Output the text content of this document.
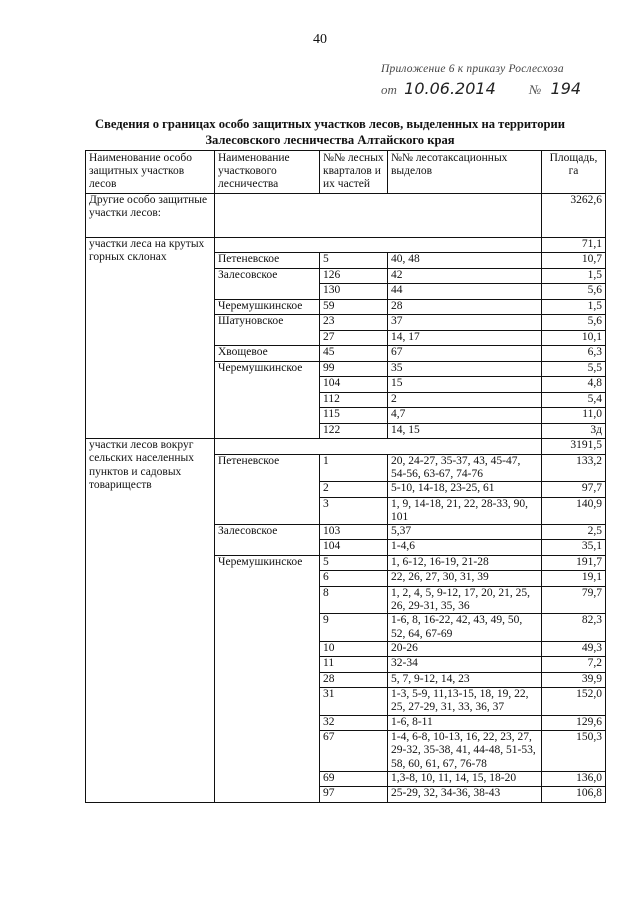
40
Приложение 6 к приказу Рослесхоза
от 10.06.2014	№ 194
Сведения о границах особо защитных участков лесов, выделенных на территории
Залесовского лесничества Алтайского края
Наименование особо защитных участков лесов	Наименование участкового лесничества	№№ лесных кварталов и их частей	№№ лесотаксационных выделов	Площадь, га
Другие особо защитные участки лесов:				3262,6
участки леса на крутых горных склонах				71,1
	Петеневское	5	40, 48	10,7
	Залесовское	126	42	1,5
		130	44	5,6
	Черемушкинское	59	28	1,5
	Шатуновское	23	37	5,6
		27	14, 17	10,1
	Хвощевое	45	67	6,3
	Черемушкинское	99	35	5,5
		104	15	4,8
		112	2	5,4
		115	4,7	11,0
		122	14, 15	3д
участки лесов вокруг сельских населенных пунктов и садовых товариществ				3191,5
	Петеневское	1	20, 24-27, 35-37, 43, 45-47, 54-56, 63-67, 74-76	133,2
		2	5-10, 14-18, 23-25, 61	97,7
		3	1, 9, 14-18, 21, 22, 28-33, 90, 101	140,9
	Залесовское	103	5,37	2,5
		104	1-4,6	35,1
	Черемушкинское	5	1, 6-12, 16-19, 21-28	191,7
		6	22, 26, 27, 30, 31, 39	19,1
		8	1, 2, 4, 5, 9-12, 17, 20, 21, 25, 26, 29-31, 35, 36	79,7
		9	1-6, 8, 16-22, 42, 43, 49, 50, 52, 64, 67-69	82,3
		10	20-26	49,3
		11	32-34	7,2
		28	5, 7, 9-12, 14, 23	39,9
		31	1-3, 5-9, 11,13-15, 18, 19, 22, 25, 27-29, 31, 33, 36, 37	152,0
		32	1-6, 8-11	129,6
		67	1-4, 6-8, 10-13, 16, 22, 23, 27, 29-32, 35-38, 41, 44-48, 51-53, 58, 60, 61, 67, 76-78	150,3
		69	1,3-8, 10, 11, 14, 15, 18-20	136,0
		97	25-29, 32, 34-36, 38-43	106,8
